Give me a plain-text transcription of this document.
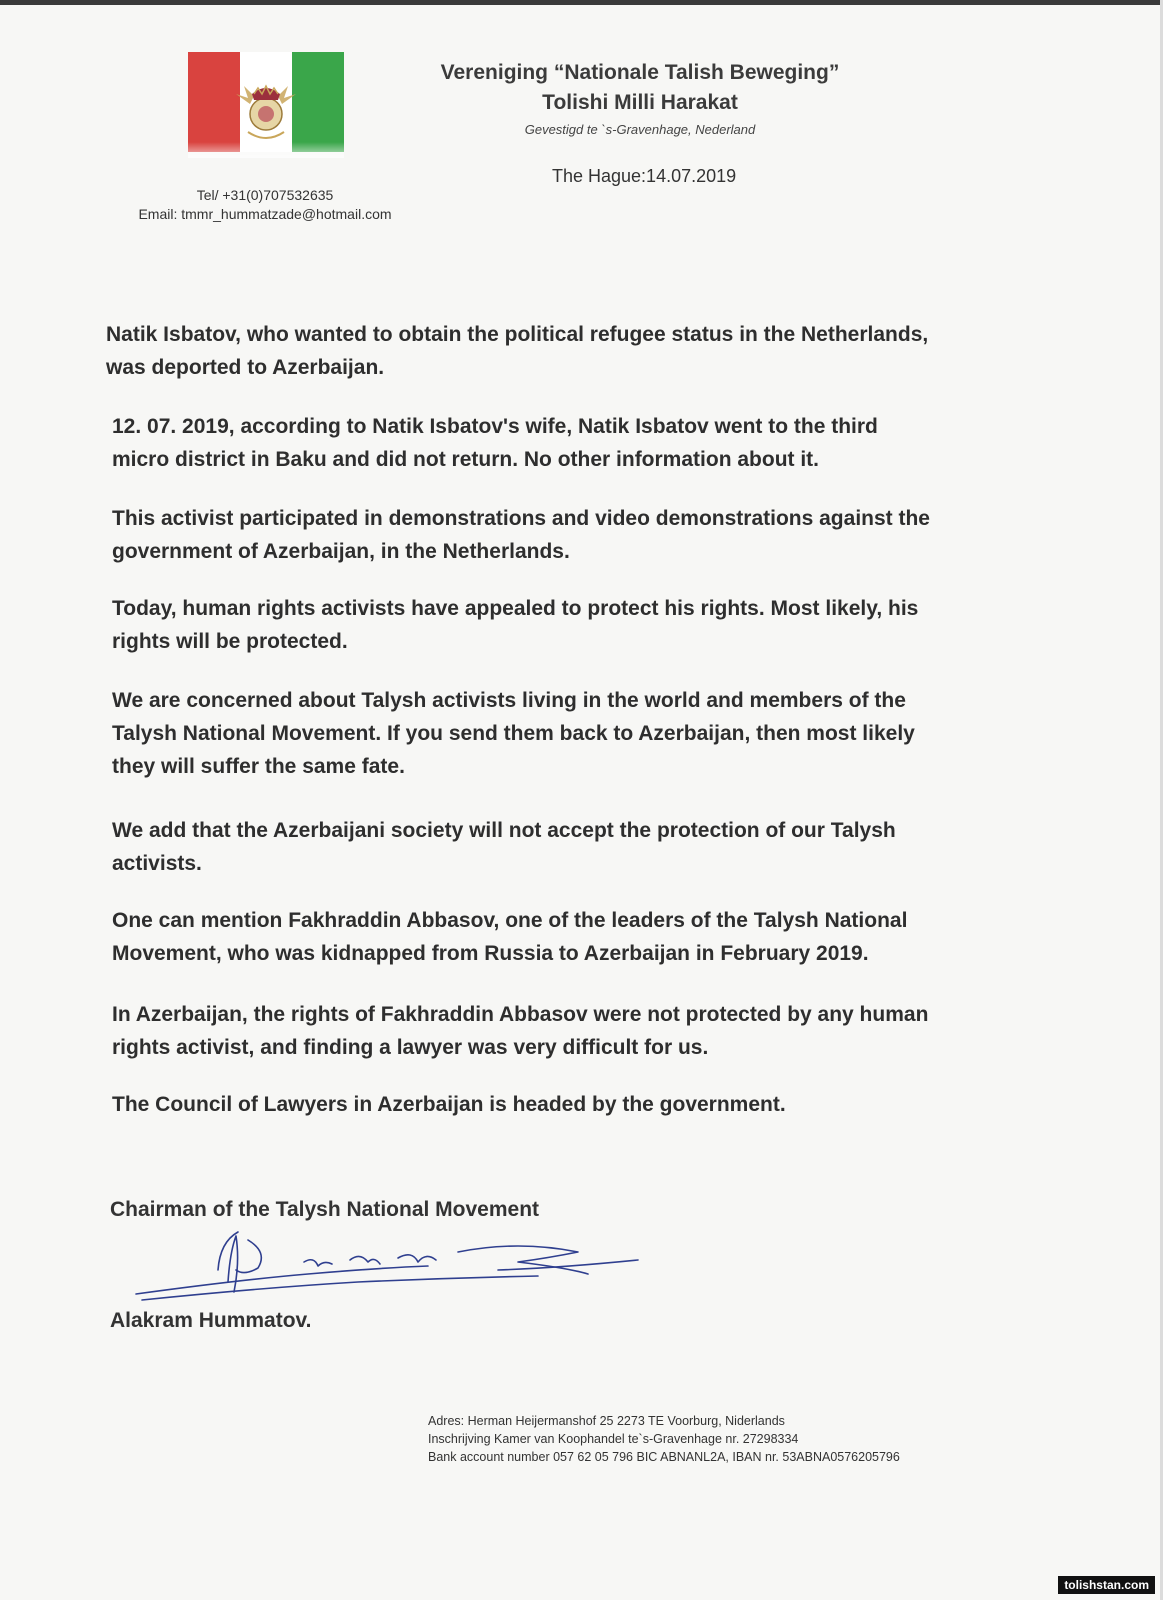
Tel/ +31(0)707532635
Email: tmmr_hummatzade@hotmail.com
Vereniging “Nationale Talish Beweging”
Tolishi Milli Harakat
Gevestigd te `s-Gravenhage, Nederland
The Hague:14.07.2019

Natik Isbatov, who wanted to obtain the political refugee status in the Netherlands,
was deported to Azerbaijan.

12. 07. 2019, according to Natik Isbatov's wife, Natik Isbatov went to the third
micro district in Baku and did not return. No other information about it.

This activist participated in demonstrations and video demonstrations against the
government of Azerbaijan, in the Netherlands.

Today, human rights activists have appealed to protect his rights. Most likely, his
rights will be protected.

We are concerned about Talysh activists living in the world and members of the
Talysh National Movement. If you send them back to Azerbaijan, then most likely
they will suffer the same fate.

We add that the Azerbaijani society will not accept the protection of our Talysh
activists.

One can mention Fakhraddin Abbasov, one of the leaders of the Talysh National
Movement, who was kidnapped from Russia to Azerbaijan in February 2019.

In Azerbaijan, the rights of Fakhraddin Abbasov were not protected by any human
rights activist, and finding a lawyer was very difficult for us.

The Council of Lawyers in Azerbaijan is headed by the government.

Chairman of the Talysh National Movement
Alakram Hummatov.
Adres: Herman Heijermanshof 25 2273 TE Voorburg, Niderlands
Inschrijving Kamer van Koophandel te`s-Gravenhage nr. 27298334
Bank account number 057 62 05 796 BIC ABNANL2A, IBAN nr. 53ABNA0576205796
tolishstan.com
